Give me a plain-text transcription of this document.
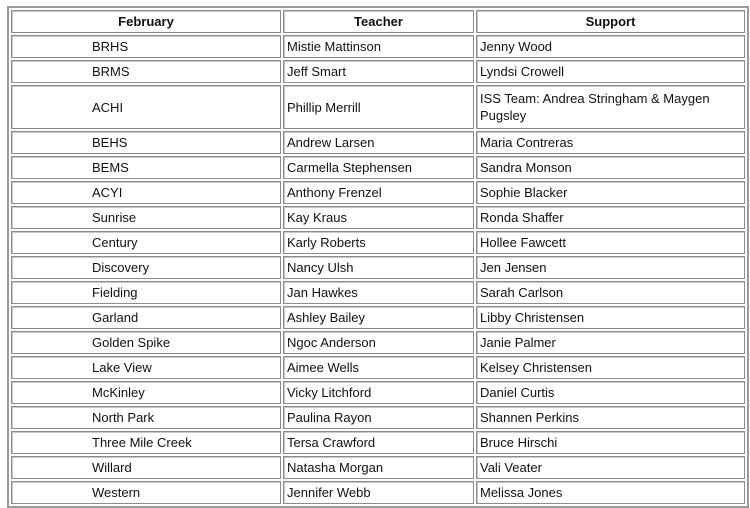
February	Teacher	Support
BRHS	Mistie Mattinson	Jenny Wood
BRMS	Jeff Smart	Lyndsi Crowell
ACHI	Phillip Merrill	ISS Team: Andrea Stringham & Maygen Pugsley
BEHS	Andrew Larsen	Maria Contreras
BEMS	Carmella Stephensen	Sandra Monson
ACYI	Anthony Frenzel	Sophie Blacker
Sunrise	Kay Kraus	Ronda Shaffer
Century	Karly Roberts	Hollee Fawcett
Discovery	Nancy Ulsh	Jen Jensen
Fielding	Jan Hawkes	Sarah Carlson
Garland	Ashley Bailey	Libby Christensen
Golden Spike	Ngoc Anderson	Janie Palmer
Lake View	Aimee Wells	Kelsey Christensen
McKinley	Vicky Litchford	Daniel Curtis
North Park	Paulina Rayon	Shannen Perkins
Three Mile Creek	Tersa Crawford	Bruce Hirschi
Willard	Natasha Morgan	Vali Veater
Western	Jennifer Webb	Melissa Jones
